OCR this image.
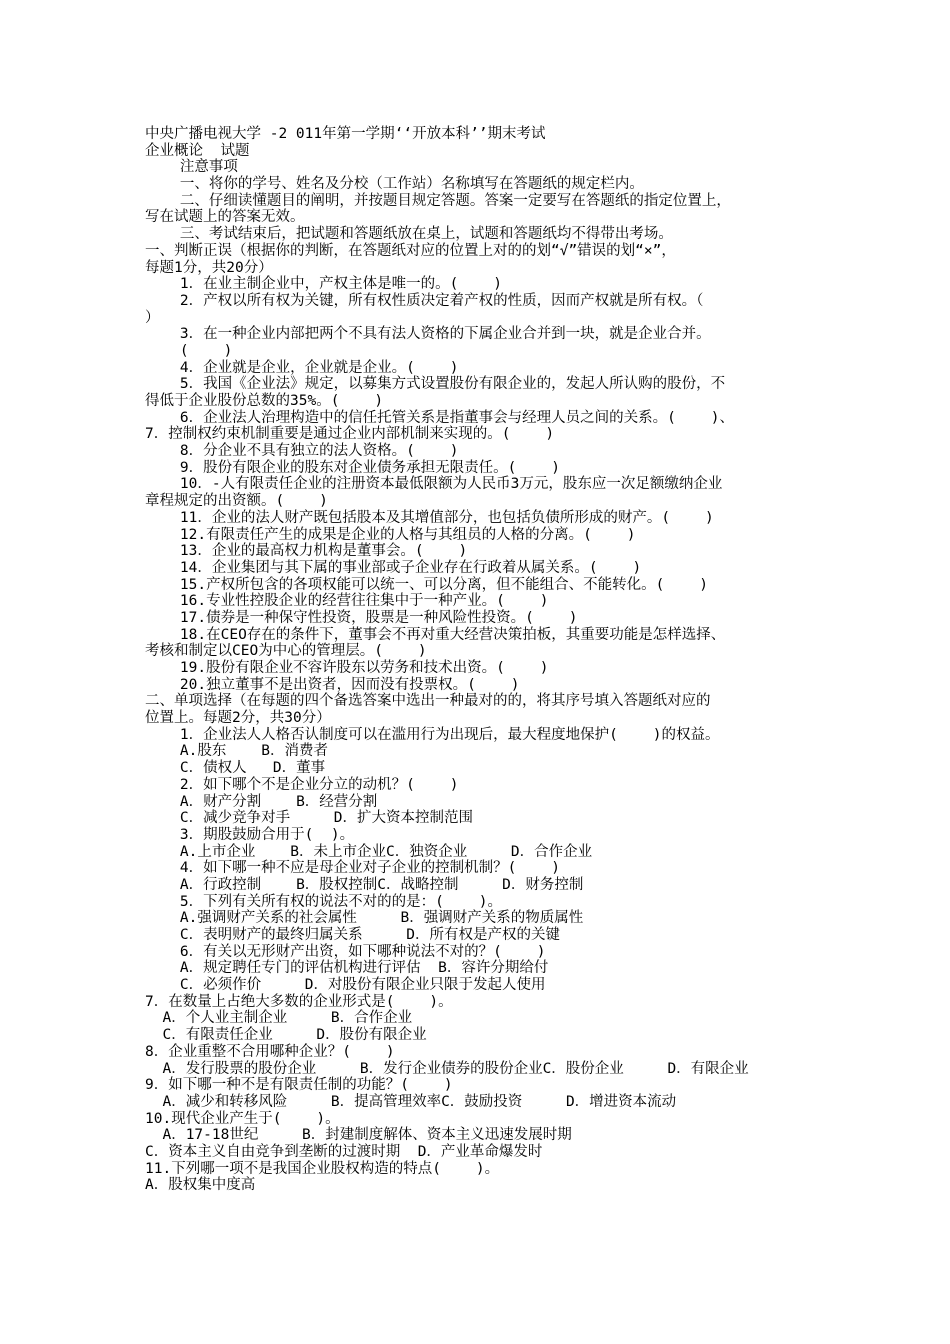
中央广播电视大学 -2 011年第一学期‘‘开放本科’’期末考试
企业概论  试题
注意事项
一、将你的学号、姓名及分校（工作站）名称填写在答题纸的规定栏内。
二、仔细读懂题目的阐明，并按题目规定答题。答案一定要写在答题纸的指定位置上，
写在试题上的答案无效。
三、考试结束后，把试题和答题纸放在桌上，试题和答题纸均不得带出考场。
一、判断正误（根据你的判断，在答题纸对应的位置上对的的划“√”错误的划“×”，
每题1分，共20分）
1．在业主制企业中，产权主体是唯一的。(    )
2．产权以所有权为关键，所有权性质决定着产权的性质，因而产权就是所有权。（
）
3．在一种企业内部把两个不具有法人资格的下属企业合并到一块，就是企业合并。
(    )
4．企业就是企业，企业就是企业。(    )
5．我国《企业法》规定，以募集方式设置股份有限企业的，发起人所认购的股份，不
得低于企业股份总数的35%。(    )
6．企业法人治理构造中的信任托管关系是指董事会与经理人员之间的关系。(    )、
7．控制权约束机制重要是通过企业内部机制来实现的。(    )
8．分企业不具有独立的法人资格。(    )
9．股份有限企业的股东对企业债务承担无限责任。(    )
10．-人有限责任企业的注册资本最低限额为人民币3万元，股东应一次足额缴纳企业
章程规定的出资额。(    )
11．企业的法人财产既包括股本及其增值部分，也包括负债所形成的财产。(    )
12.有限责任产生的成果是企业的人格与其组员的人格的分离。(    )
13．企业的最高权力机构是董事会。(    )
14．企业集团与其下属的事业部或子企业存在行政着从属关系。(    )
15.产权所包含的各项权能可以统一、可以分离，但不能组合、不能转化。(    )
16.专业性控股企业的经营往往集中于一种产业。(    )
17.债券是一种保守性投资，股票是一种风险性投资。(    )
18.在CEO存在的条件下，董事会不再对重大经营决策拍板，其重要功能是怎样选择、
考核和制定以CEO为中心的管理层。(    )
19.股份有限企业不容许股东以劳务和技术出资。(    )
20.独立董事不是出资者，因而没有投票权。(    )
二、单项选择（在每题的四个备选答案中选出一种最对的的，将其序号填入答题纸对应的
位置上。每题2分，共30分）
1．企业法人人格否认制度可以在滥用行为出现后，最大程度地保护(    )的权益。
A.股东    B．消费者
C．债权人   D．董事
2．如下哪个不是企业分立的动机？(    )
A．财产分割    B．经营分割
C．减少竞争对手     D．扩大资本控制范围
3．期股鼓励合用于(  )。
A.上市企业    B．未上市企业C．独资企业     D．合作企业
4．如下哪一种不应是母企业对子企业的控制机制？(    )
A．行政控制    B．股权控制C．战略控制     D．财务控制
5．下列有关所有权的说法不对的的是：(    )。
A.强调财产关系的社会属性     B．强调财产关系的物质属性
C．表明财产的最终归属关系     D．所有权是产权的关键
6．有关以无形财产出资，如下哪种说法不对的？(    )
A．规定聘任专门的评估机构进行评估  B．容许分期给付
C．必须作价     D．对股份有限企业只限于发起人使用
7．在数量上占绝大多数的企业形式是(    )。
A．个人业主制企业     B．合作企业
C．有限责任企业     D．股份有限企业
8．企业重整不合用哪种企业？(    )
A．发行股票的股份企业     B．发行企业债券的股份企业C．股份企业     D．有限企业
9．如下哪一种不是有限责任制的功能？(    )
A．减少和转移风险     B．提高管理效率C．鼓励投资     D．增进资本流动
10.现代企业产生于(    )。
A．17-18世纪     B．封建制度解体、资本主义迅速发展时期
C．资本主义自由竞争到垄断的过渡时期  D．产业革命爆发时
11.下列哪一项不是我国企业股权构造的特点(    )。
A．股权集中度高
